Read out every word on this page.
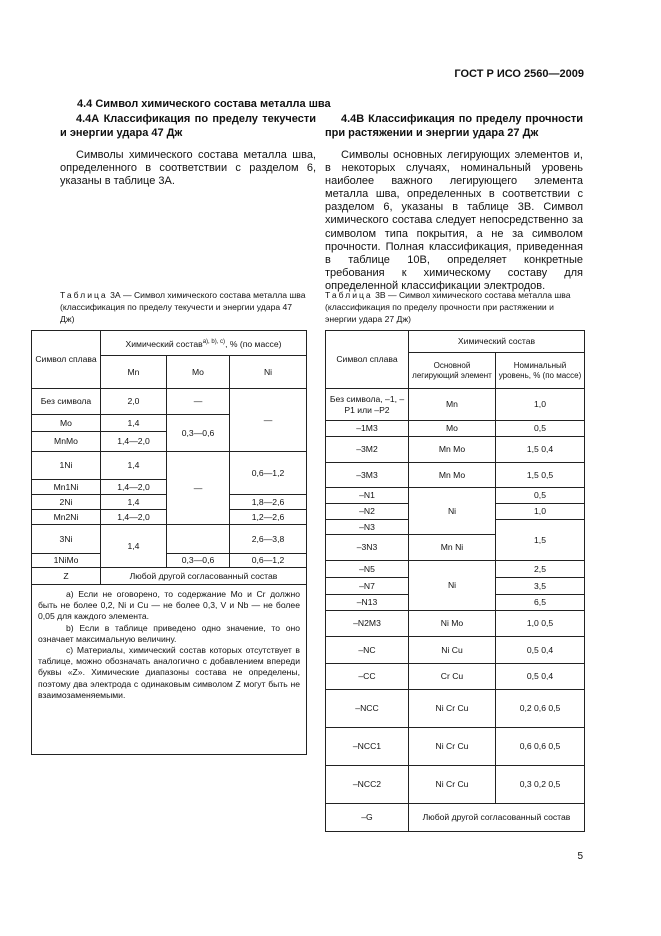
ГОСТ Р ИСО 2560—2009
4.4 Символ химического состава металла шва
4.4А Классификация по пределу текучести и энергии удара 47 Дж
4.4В Классификация по пределу прочности при растяжении и энергии удара 27 Дж
Символы химического состава металла шва, определенного в соответствии с разделом 6, указаны в таблице 3А.
Символы основных легирующих элементов и, в некоторых случаях, номинальный уровень наиболее важного легирующего элемента металла шва, определенных в соответствии с разделом 6, указаны в таблице 3В. Символ химического состава следует непосредственно за символом типа покрытия, а не за символом прочности. Полная классификация, приведенная в таблице 10В, определяет конкретные требования к химическому составу для определенной классификации электродов.
Таблица 3А — Символ химического состава металла шва (классификация по пределу текучести и энергии удара 47 Дж)
Таблица 3В — Символ химического состава металла шва (классификация по пределу прочности при растяжении и энергии удара 27 Дж)
Символ сплава	Химический состав$^{a), b), c)}$, % (по массе)		
	Mn	Mo	Ni
Без символа	2,0	—	—
Mo	1,4	0,3—0,6	
MnMo	1,4—2,0		
1Ni	1,4	—	0,6—1,2
Mn1Ni	1,4—2,0		
2Ni	1,4		1,8—2,6
Mn2Ni	1,4—2,0		1,2—2,6
3Ni	1,4		2,6—3,8
1NiMo		0,3—0,6	0,6—1,2
Z	Любой другой согласованный состав		

a) Если не оговорено, то содержание Mo и Cr должно быть не более 0,2, Ni и Cu — не более 0,3, V и Nb — не более 0,05 для каждого элемента.

b) Если в таблице приведено одно значение, то оно означает максимальную величину.

c) Материалы, химический состав которых отсутствует в таблице, можно обозначать аналогично с добавлением впереди буквы «Z». Химические диапазоны состава не определены, поэтому два электрода с одинаковым символом Z могут быть не взаимозаменяемыми.			

Символ сплава	Химический состав	
	Основной легирующий элемент	Номинальный уровень, % (по массе)
Без символа, –1, –P1 или –P2	Mn	1,0
–1M3	Mo	0,5
–3M2	Mn Mo	1,5 0,4
–3M3	Mn Mo	1,5 0,5
–N1	Ni	0,5
–N2		1,0
–N3		1,5
–3N3	Mn Ni	
–N5	Ni	2,5
–N7		3,5
–N13		6,5
–N2M3	Ni Mo	1,0 0,5
–NC	Ni Cu	0,5 0,4
–CC	Cr Cu	0,5 0,4
–NCC	Ni Cr Cu	0,2 0,6 0,5
–NCC1	Ni Cr Cu	0,6 0,6 0,5
–NCC2	Ni Cr Cu	0,3 0,2 0,5
–G	Любой другой согласованный состав	
5
